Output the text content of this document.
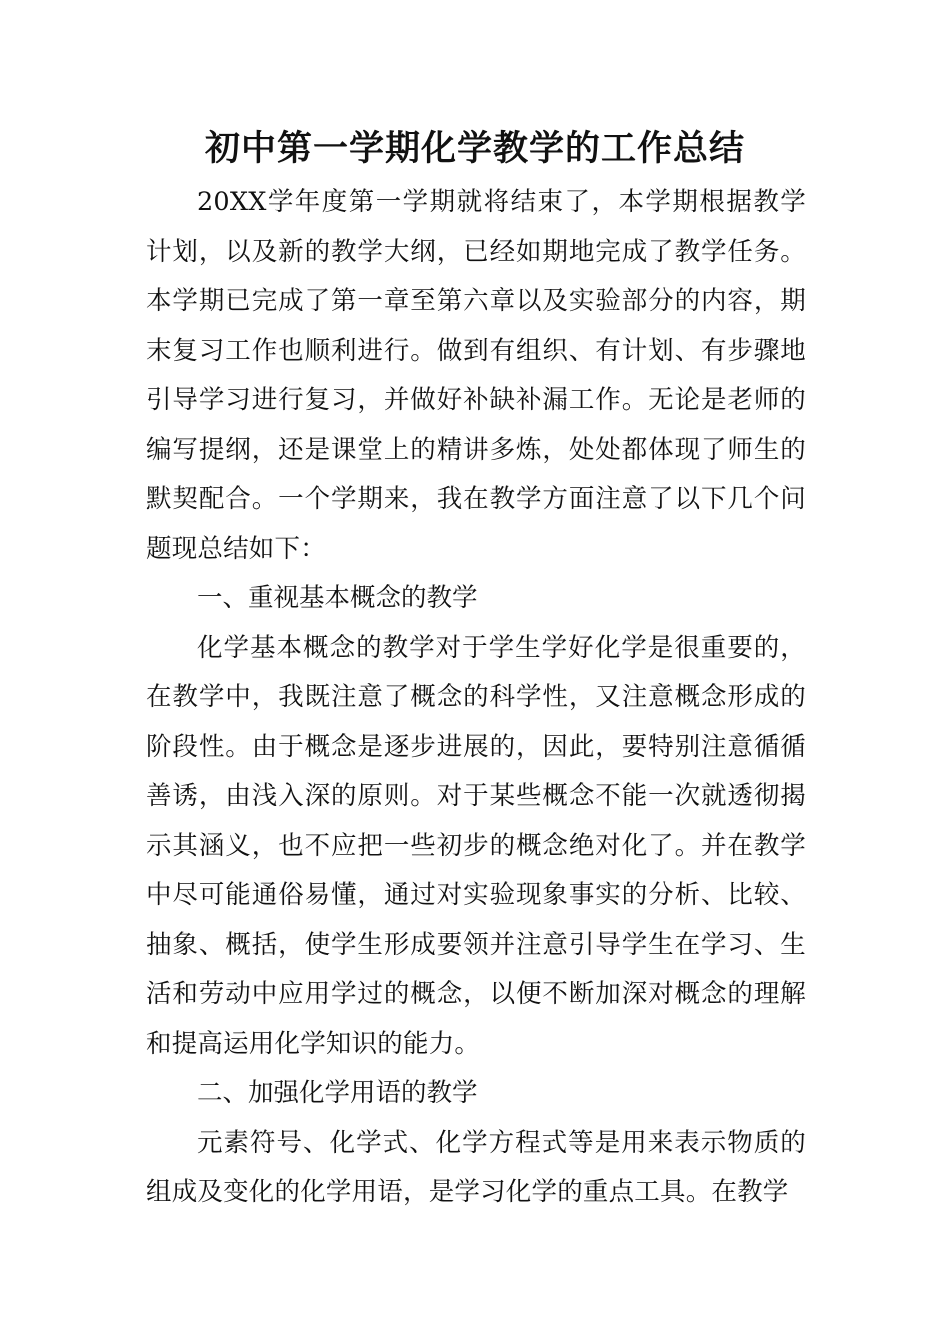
初中第一学期化学教学的工作总结

20XX学年度第一学期就将结束了，本学期根据教学计划，以及新的教学大纲，已经如期地完成了教学任务。本学期已完成了第一章至第六章以及实验部分的内容，期末复习工作也顺利进行。做到有组织、有计划、有步骤地引导学习进行复习，并做好补缺补漏工作。无论是老师的编写提纲，还是课堂上的精讲多炼，处处都体现了师生的默契配合。一个学期来，我在教学方面注意了以下几个问题现总结如下：

一、重视基本概念的教学

化学基本概念的教学对于学生学好化学是很重要的，在教学中，我既注意了概念的科学性，又注意概念形成的阶段性。由于概念是逐步进展的，因此，要特别注意循循善诱，由浅入深的原则。对于某些概念不能一次就透彻揭示其涵义，也不应把一些初步的概念绝对化了。并在教学中尽可能通俗易懂，通过对实验现象事实的分析、比较、抽象、概括，使学生形成要领并注意引导学生在学习、生活和劳动中应用学过的概念，以便不断加深对概念的理解和提高运用化学知识的能力。

二、加强化学用语的教学

元素符号、化学式、化学方程式等是用来表示物质的组成及变化的化学用语，是学习化学的重点工具。在教学
